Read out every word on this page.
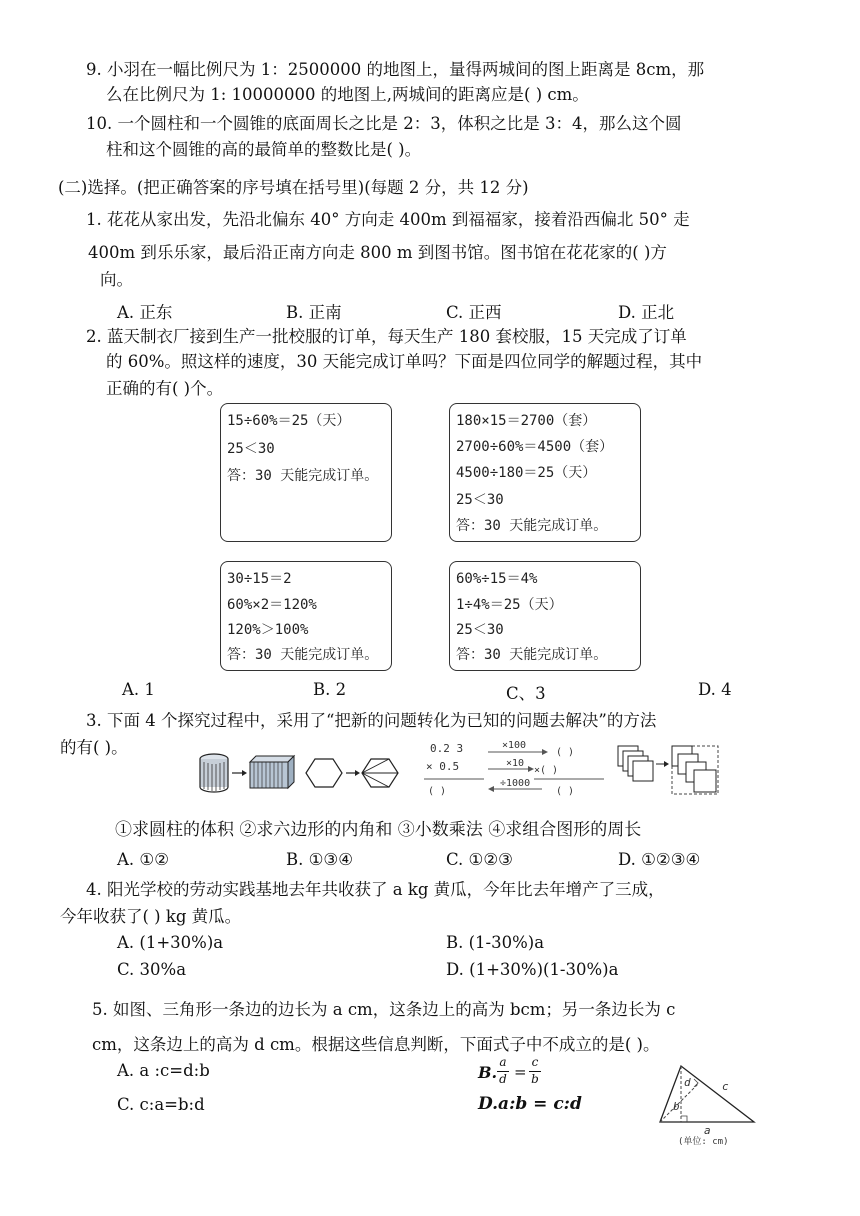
9. 小羽在一幅比例尺为 1：2500000 的地图上，量得两城间的图上距离是 8cm，那
么在比例尺为 1: 10000000 的地图上,两城间的距离应是( ) cm。
10. 一个圆柱和一个圆锥的底面周长之比是 2：3，体积之比是 3：4，那么这个圆
柱和这个圆锥的高的最简单的整数比是( )。
(二)选择。(把正确答案的序号填在括号里)(每题 2 分，共 12 分)
1. 花花从家出发，先沿北偏东 40° 方向走 400m 到福福家，接着沿西偏北 50° 走
400m 到乐乐家，最后沿正南方向走 800 m 到图书馆。图书馆在花花家的( )方
向。
A. 正东	B. 正南	C. 正西	D. 正北
2. 蓝天制衣厂接到生产一批校服的订单，每天生产 180 套校服，15 天完成了订单
的 60%。照这样的速度，30 天能完成订单吗？下面是四位同学的解题过程，其中
正确的有( )个。
15÷60%＝25（天）
25＜30
答：30 天能完成订单。
180×15＝2700（套）
2700÷60%＝4500（套）
4500÷180＝25（天）
25＜30
答：30 天能完成订单。
30÷15＝2
60%×2＝120%
120%＞100%
答：30 天能完成订单。
60%÷15＝4%
1÷4%＝25（天）
25＜30
答：30 天能完成订单。
A. 1	B. 2	C、3	D. 4
3. 下面 4 个探究过程中，采用了“把新的问题转化为已知的问题去解决”的方法
的有( )。	0.2 3
× 0.5
( )
×100
( )
×10
×( )
÷1000
( )
①求圆柱的体积 ②求六边形的内角和 ③小数乘法 ④求组合图形的周长
A. ①②	B. ①③④	C. ①②③	D. ①②③④
4. 阳光学校的劳动实践基地去年共收获了 a kg 黄瓜，今年比去年增产了三成，
今年收获了( ) kg 黄瓜。
A. (1+30%)a	B. (1-30%)a
C. 30%a	D. (1+30%)(1-30%)a
5. 如图、三角形一条边的边长为 a cm，这条边上的高为 bcm；另一条边长为 c
cm，这条边上的高为 d cm。根据这些信息判断，下面式子中不成立的是( )。
A. a :c=d:b	B.
a
d =
c
b
C. c:a=b:d	D.a:b = c:d
d
b
c
a
(单位: cm)
